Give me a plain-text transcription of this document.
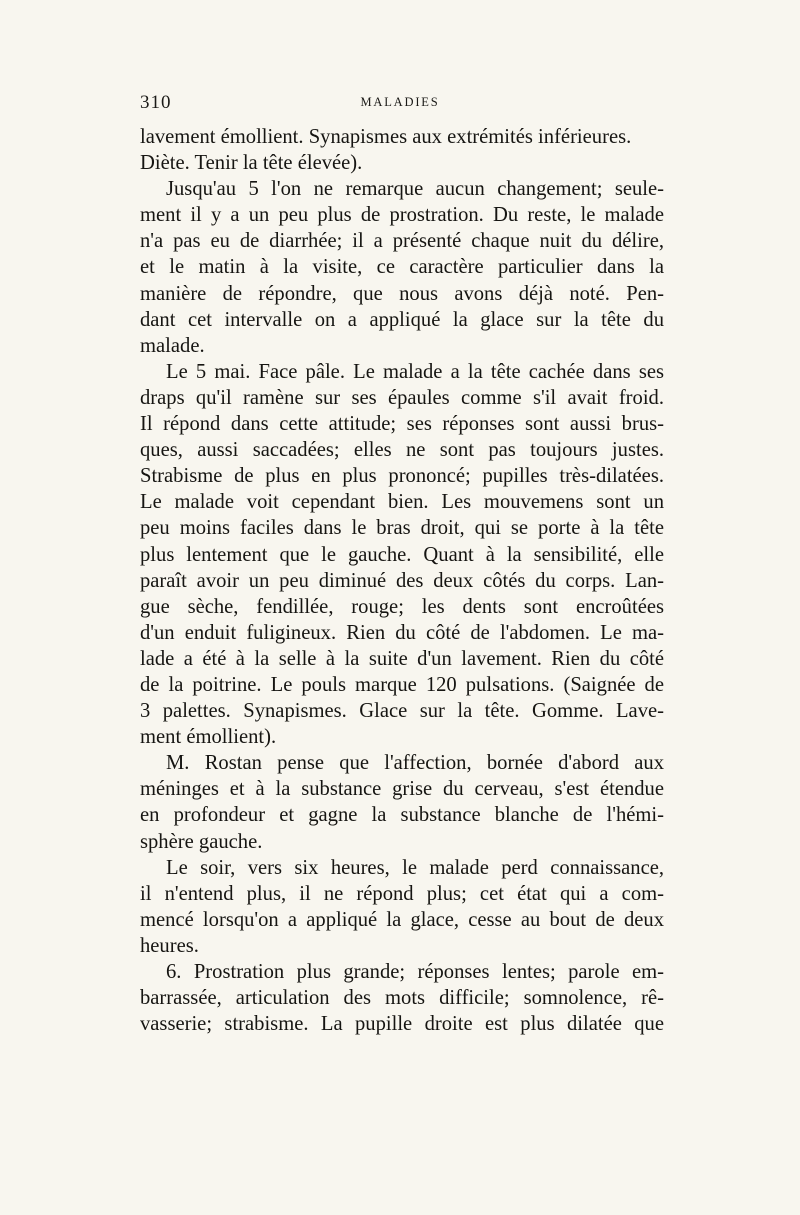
310	MALADIES
lavement émollient. Synapismes aux extrémités inférieures.
Diète. Tenir la tête élevée).
Jusqu'au 5 l'on ne remarque aucun changement; seule-
ment il y a un peu plus de prostration. Du reste, le malade
n'a pas eu de diarrhée; il a présenté chaque nuit du délire,
et le matin à la visite, ce caractère particulier dans la
manière de répondre, que nous avons déjà noté. Pen-
dant cet intervalle on a appliqué la glace sur la tête du
malade.
Le 5 mai. Face pâle. Le malade a la tête cachée dans ses
draps qu'il ramène sur ses épaules comme s'il avait froid.
Il répond dans cette attitude; ses réponses sont aussi brus-
ques, aussi saccadées; elles ne sont pas toujours justes.
Strabisme de plus en plus prononcé; pupilles très-dilatées.
Le malade voit cependant bien. Les mouvemens sont un
peu moins faciles dans le bras droit, qui se porte à la tête
plus lentement que le gauche. Quant à la sensibilité, elle
paraît avoir un peu diminué des deux côtés du corps. Lan-
gue sèche, fendillée, rouge; les dents sont encroûtées
d'un enduit fuligineux. Rien du côté de l'abdomen. Le ma-
lade a été à la selle à la suite d'un lavement. Rien du côté
de la poitrine. Le pouls marque 120 pulsations. (Saignée de
3 palettes. Synapismes. Glace sur la tête. Gomme. Lave-
ment émollient).
M. Rostan pense que l'affection, bornée d'abord aux
méninges et à la substance grise du cerveau, s'est étendue
en profondeur et gagne la substance blanche de l'hémi-
sphère gauche.
Le soir, vers six heures, le malade perd connaissance,
il n'entend plus, il ne répond plus; cet état qui a com-
mencé lorsqu'on a appliqué la glace, cesse au bout de deux
heures.
6. Prostration plus grande; réponses lentes; parole em-
barrassée, articulation des mots difficile; somnolence, rê-
vasserie; strabisme. La pupille droite est plus dilatée que
